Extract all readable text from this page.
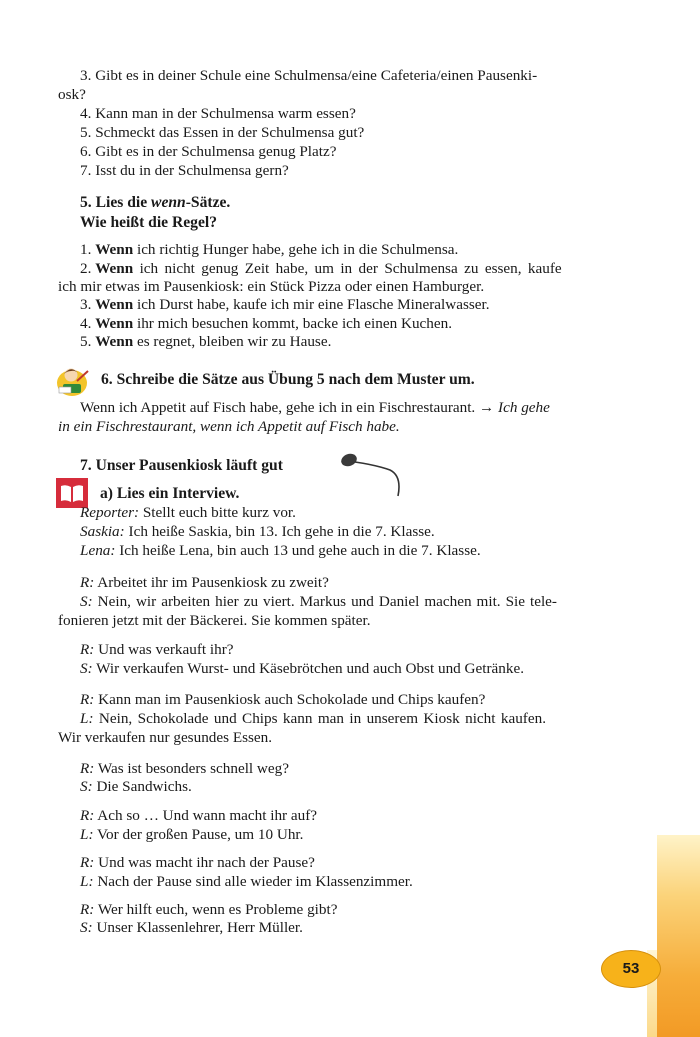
3. Gibt es in deiner Schule eine Schulmensa/eine Cafeteria/einen Pausenki-

osk?

4. Kann man in der Schulmensa warm essen?

5. Schmeckt das Essen in der Schulmensa gut?

6. Gibt es in der Schulmensa genug Platz?

7. Isst du in der Schulmensa gern?

5. Lies die wenn-Sätze.

Wie heißt die Regel?

1. Wenn ich richtig Hunger habe, gehe ich in die Schulmensa.

2. Wenn ich nicht genug Zeit habe, um in der Schulmensa zu essen, kaufe

ich mir etwas im Pausenkiosk: ein Stück Pizza oder einen Hamburger.

3. Wenn ich Durst habe, kaufe ich mir eine Flasche Mineralwasser.

4. Wenn ihr mich besuchen kommt, backe ich einen Kuchen.

5. Wenn es regnet, bleiben wir zu Hause.

6. Schreibe die Sätze aus Übung 5 nach dem Muster um.

Wenn ich Appetit auf Fisch habe, gehe ich in ein Fischrestaurant. → Ich gehe

in ein Fischrestaurant, wenn ich Appetit auf Fisch habe.

7. Unser Pausenkiosk läuft gut

a) Lies ein Interview.

Reporter: Stellt euch bitte kurz vor.

Saskia: Ich heiße Saskia, bin 13. Ich gehe in die 7. Klasse.

Lena: Ich heiße Lena, bin auch 13 und gehe auch in die 7. Klasse.

R: Arbeitet ihr im Pausenkiosk zu zweit?

S: Nein, wir arbeiten hier zu viert. Markus und Daniel machen mit. Sie tele-

fonieren jetzt mit der Bäckerei. Sie kommen später.

R: Und was verkauft ihr?

S: Wir verkaufen Wurst- und Käsebrötchen und auch Obst und Getränke.

R: Kann man im Pausenkiosk auch Schokolade und Chips kaufen?

L: Nein, Schokolade und Chips kann man in unserem Kiosk nicht kaufen.

Wir verkaufen nur gesundes Essen.

R: Was ist besonders schnell weg?

S: Die Sandwichs.

R: Ach so … Und wann macht ihr auf?

L: Vor der großen Pause, um 10 Uhr.

R: Und was macht ihr nach der Pause?

L: Nach der Pause sind alle wieder im Klassenzimmer.

R: Wer hilft euch, wenn es Probleme gibt?

S: Unser Klassenlehrer, Herr Müller.

53
